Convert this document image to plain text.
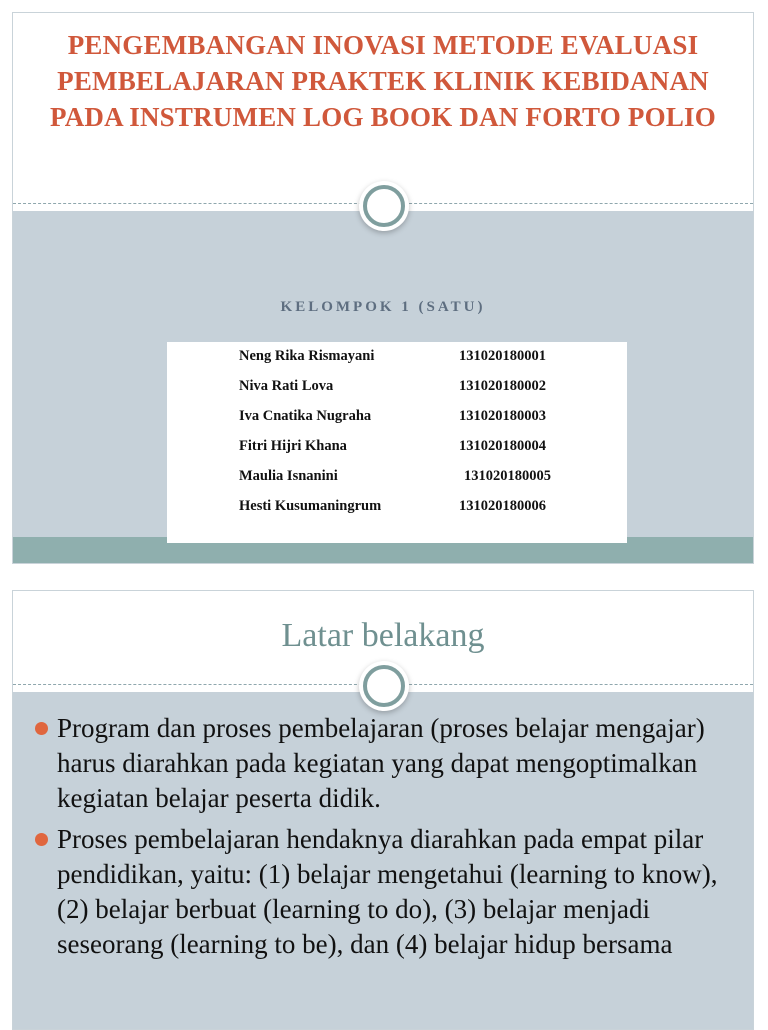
PENGEMBANGAN INOVASI METODE EVALUASI PEMBELAJARAN PRAKTEK KLINIK KEBIDANAN PADA INSTRUMEN LOG BOOK DAN FORTO POLIO
KELOMPOK 1 (SATU)
Neng Rika Rismayani	131020180001
Niva Rati Lova	131020180002
Iva Cnatika Nugraha	131020180003
Fitri Hijri Khana	131020180004
Maulia Isnanini	131020180005
Hesti Kusumaningrum	131020180006
Latar belakang
Program dan proses pembelajaran (proses belajar mengajar) harus diarahkan pada kegiatan yang dapat mengoptimalkan kegiatan belajar peserta didik.
Proses pembelajaran hendaknya diarahkan pada empat pilar pendidikan, yaitu: (1) belajar mengetahui (learning to know), (2) belajar berbuat (learning to do), (3) belajar menjadi seseorang (learning to be), dan (4) belajar hidup bersama
